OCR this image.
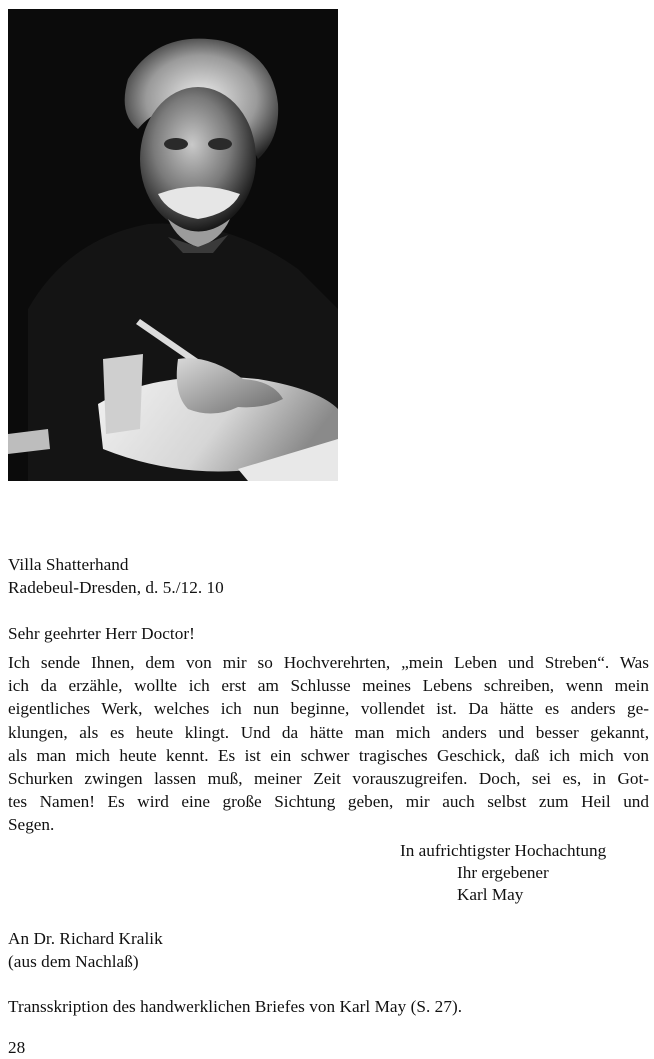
Villa Shatterhand
Radebeul-Dresden, d. 5./12. 10
Sehr geehrter Herr Doctor!
Ich sende Ihnen, dem von mir so Hochverehrten, „mein Leben und Streben“. Was
ich da erzähle, wollte ich erst am Schlusse meines Lebens schreiben, wenn mein
eigentliches Werk, welches ich nun beginne, vollendet ist. Da hätte es anders ge-
klungen, als es heute klingt. Und da hätte man mich anders und besser gekannt,
als man mich heute kennt. Es ist ein schwer tragisches Geschick, daß ich mich von
Schurken zwingen lassen muß, meiner Zeit vorauszugreifen. Doch, sei es, in Got-
tes Namen! Es wird eine große Sichtung geben, mir auch selbst zum Heil und
Segen.
In aufrichtigster Hochachtung
Ihr ergebener
Karl May
An Dr. Richard Kralik
(aus dem Nachlaß)
Transskription des handwerklichen Briefes von Karl May (S. 27).
28
